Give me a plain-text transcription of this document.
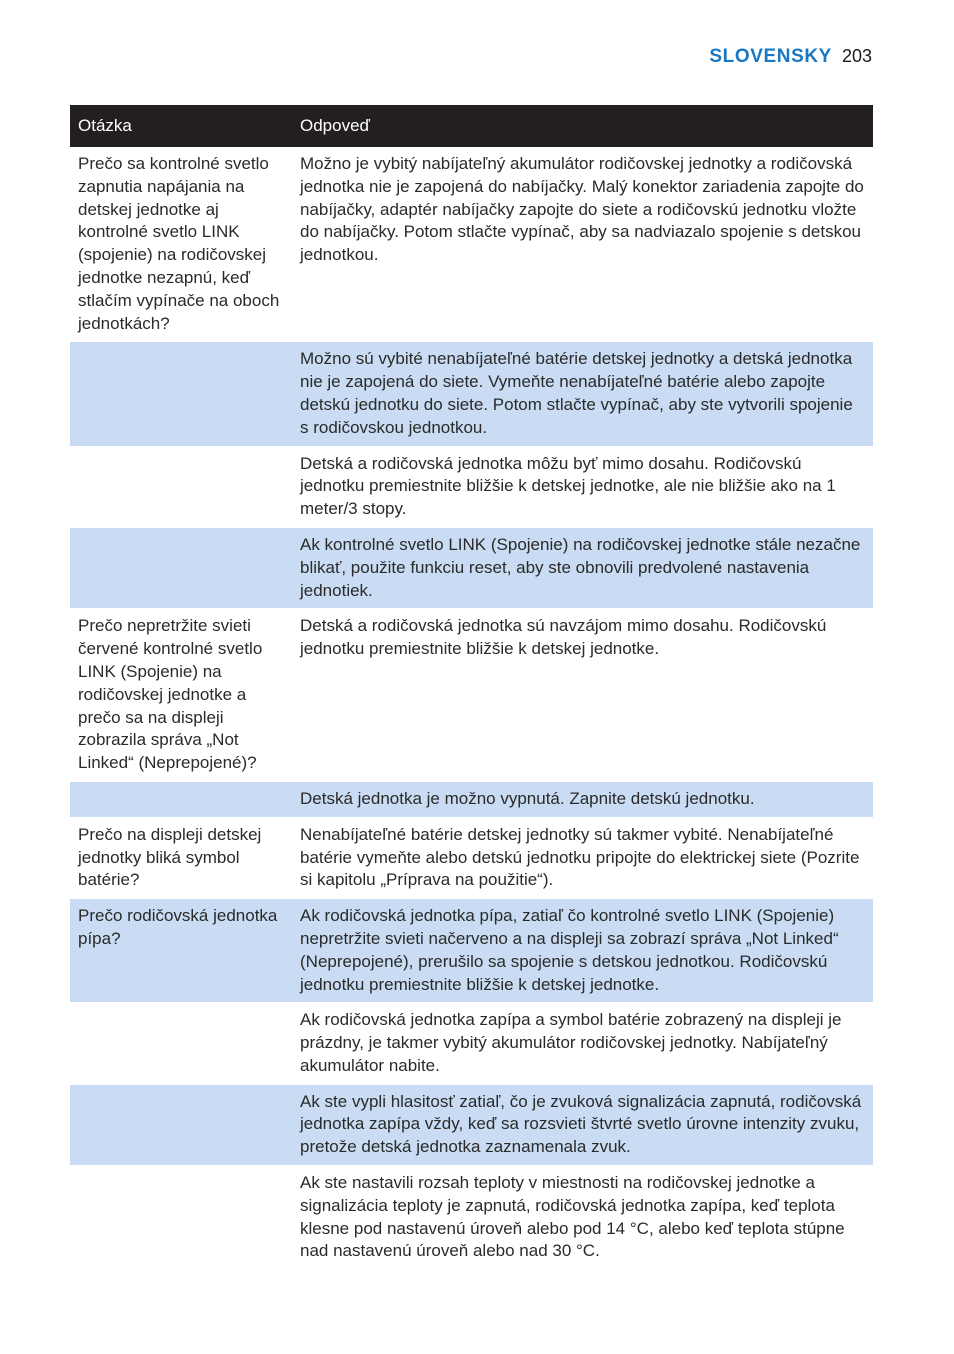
SLOVENSKY 203
Otázka	Odpoveď
Prečo sa kontrolné svetlo zapnutia napájania na detskej jednotke aj kontrolné svetlo LINK (spojenie) na rodičovskej jednotke nezapnú, keď stlačím vypínače na oboch jednotkách?	Možno je vybitý nabíjateľný akumulátor rodičovskej jednotky a rodičovská jednotka nie je zapojená do nabíjačky. Malý konektor zariadenia zapojte do nabíjačky, adaptér nabíjačky zapojte do siete a rodičovskú jednotku vložte do nabíjačky. Potom stlačte vypínač, aby sa nadviazalo spojenie s detskou jednotkou.
	Možno sú vybité nenabíjateľné batérie detskej jednotky a detská jednotka nie je zapojená do siete. Vymeňte nenabíjateľné batérie alebo zapojte detskú jednotku do siete. Potom stlačte vypínač, aby ste vytvorili spojenie s rodičovskou jednotkou.
	Detská a rodičovská jednotka môžu byť mimo dosahu. Rodičovskú jednotku premiestnite bližšie k detskej jednotke, ale nie bližšie ako na 1 meter/3 stopy.
	Ak kontrolné svetlo LINK (Spojenie) na rodičovskej jednotke stále nezačne blikať, použite funkciu reset, aby ste obnovili predvolené nastavenia jednotiek.
Prečo nepretržite svieti červené kontrolné svetlo LINK (Spojenie) na rodičovskej jednotke a prečo sa na displeji zobrazila správa „Not Linked“ (Neprepojené)?	Detská a rodičovská jednotka sú navzájom mimo dosahu. Rodičovskú jednotku premiestnite bližšie k detskej jednotke.
	Detská jednotka je možno vypnutá. Zapnite detskú jednotku.
Prečo na displeji detskej jednotky bliká symbol batérie?	Nenabíjateľné batérie detskej jednotky sú takmer vybité. Nenabíjateľné batérie vymeňte alebo detskú jednotku pripojte do elektrickej siete (Pozrite si kapitolu „Príprava na použitie“).
Prečo rodičovská jednotka pípa?	Ak rodičovská jednotka pípa, zatiaľ čo kontrolné svetlo LINK (Spojenie) nepretržite svieti načerveno a na displeji sa zobrazí správa „Not Linked“ (Neprepojené), prerušilo sa spojenie s detskou jednotkou. Rodičovskú jednotku premiestnite bližšie k detskej jednotke.
	Ak rodičovská jednotka zapípa a symbol batérie zobrazený na displeji je prázdny, je takmer vybitý akumulátor rodičovskej jednotky. Nabíjateľný akumulátor nabite.
	Ak ste vypli hlasitosť zatiaľ, čo je zvuková signalizácia zapnutá, rodičovská jednotka zapípa vždy, keď sa rozsvieti štvrté svetlo úrovne intenzity zvuku, pretože detská jednotka zaznamenala zvuk.
	Ak ste nastavili rozsah teploty v miestnosti na rodičovskej jednotke a signalizácia teploty je zapnutá, rodičovská jednotka zapípa, keď teplota klesne pod nastavenú úroveň alebo pod 14 °C, alebo keď teplota stúpne nad nastavenú úroveň alebo nad 30 °C.
